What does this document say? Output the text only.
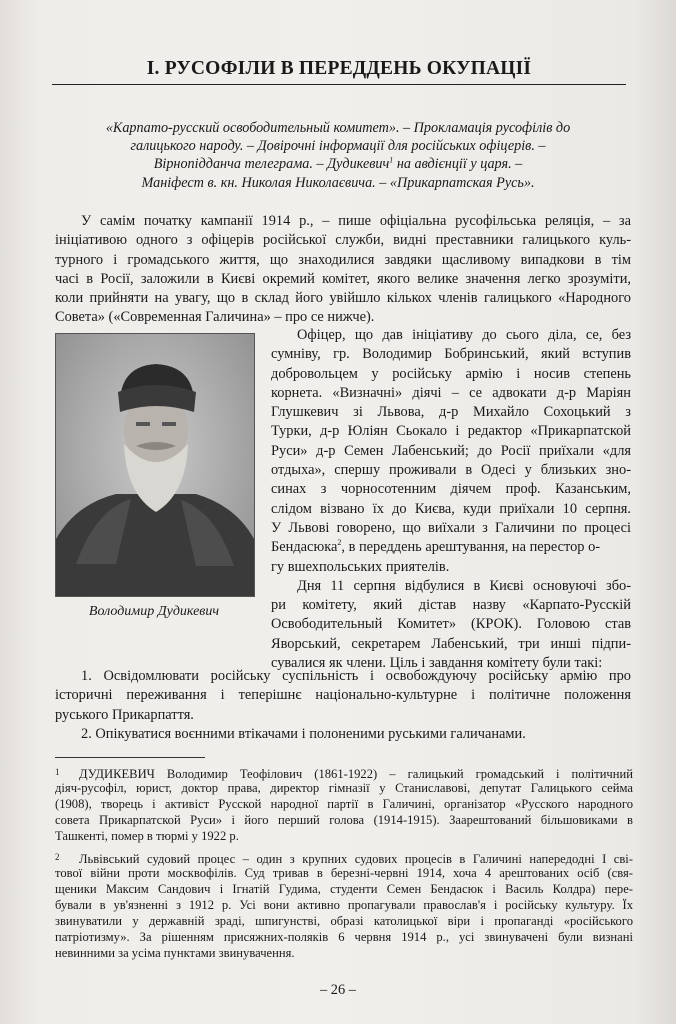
І. РУСОФІЛИ В ПЕРЕДДЕНЬ ОКУПАЦІЇ
«Карпато-русский освободительный комитет». – Прокламація русофілів до
галицького народу. – Довірочні інформації для російських офіцерів. –
Вірнопідданча телеграма. – Дудикевич$^1$ на авдієнції у царя. –
Маніфест в. кн. Николая Николаєвича. – «Прикарпатская Русь».
У самім початку кампанії 1914 р., – пише офіціальна русофільська реляція, – за
ініціативою одного з офіцерів російської служби, видні преставники галицького куль-
турного і громадського життя, що знаходилися завдяки щасливому випадкови в тім
часі в Росії, заложили в Києві окремий комітет, якого велике значення легко зрозуміти,
коли прийняти на увагу, що в склад його увійшло кількох членів галицького «Народного
Совета» («Современная Галичина» – про се нижче).
Володимир Дудикевич
Офіцер, що дав ініціативу до сього діла, се, без
сумніву, гр. Володимир Бобринський, який вступив
добровольцем у російську армію і носив степень
корнета. «Визначні» діячі – се адвокати д-р Маріян
Глушкевич зі Львова, д-р Михайло Сохоцький з
Турки, д-р Юліян Сьокало і редактор «Прикарпатской
Руси» д-р Семен Лабенський; до Росії приїхали «для
отдыха», спершу проживали в Одесі у близьких зно-
синах з чорносотенним діячем проф. Казанським,
слідом візвано їх до Києва, куди приїхали 10 серпня.
У Львові говорено, що виїхали з Галичини по процесі
Бендасюка$^2$, в переддень арештування, на перестор о-
гу вшехпольських приятелів.
Дня 11 серпня відбулися в Києві основуючі збо-
ри комітету, який дістав назву «Карпато-Русскій
Освободительный Комитет» (КРОК). Головою став
Яворський, секретарем Лабенський, три инші підпи-
сувалися як члени. Ціль і завдання комітету були такі:
1. Освідомлювати російську суспільність і освобождуючу російську армію про
історичні переживання і теперішнє національно-культурне і політичне положення
руського Прикарпаття.
2. Опікуватися воєнними втікачами і полоненими руськими галичанами.
1 ДУДИКЕВИЧ Володимир Теофілович (1861-1922) – галицький громадський і політичний
діяч-русофіл, юрист, доктор права, директор гімназії у Станиславові, депутат Галицького сейма
(1908), творець і активіст Русской народної партії в Галичині, організатор «Русского народного
совета Прикарпатской Руси» і його перший голова (1914-1915). Заарештований більшовиками в
Ташкенті, помер в тюрмі у 1922 р.
2 Львівський судовий процес – один з крупних судових процесів в Галичині напередодні І сві-
тової війни проти москвофілів. Суд тривав в березні-червні 1914, хоча 4 арештованих осіб (свя-
щеники Максим Сандович і Ігнатій Гудима, студенти Семен Бендасюк і Василь Колдра) пере-
бували в ув'язненні з 1912 р. Усі вони активно пропагували православ'я і російську культуру. Їх
звинуватили у державній зраді, шпигунстві, образі католицької віри і пропаганді «російського
патріотизму». За рішенням присяжних-поляків 6 червня 1914 р., усі звинувачені були визнані
невинними за усіма пунктами звинувачення.
– 26 –
